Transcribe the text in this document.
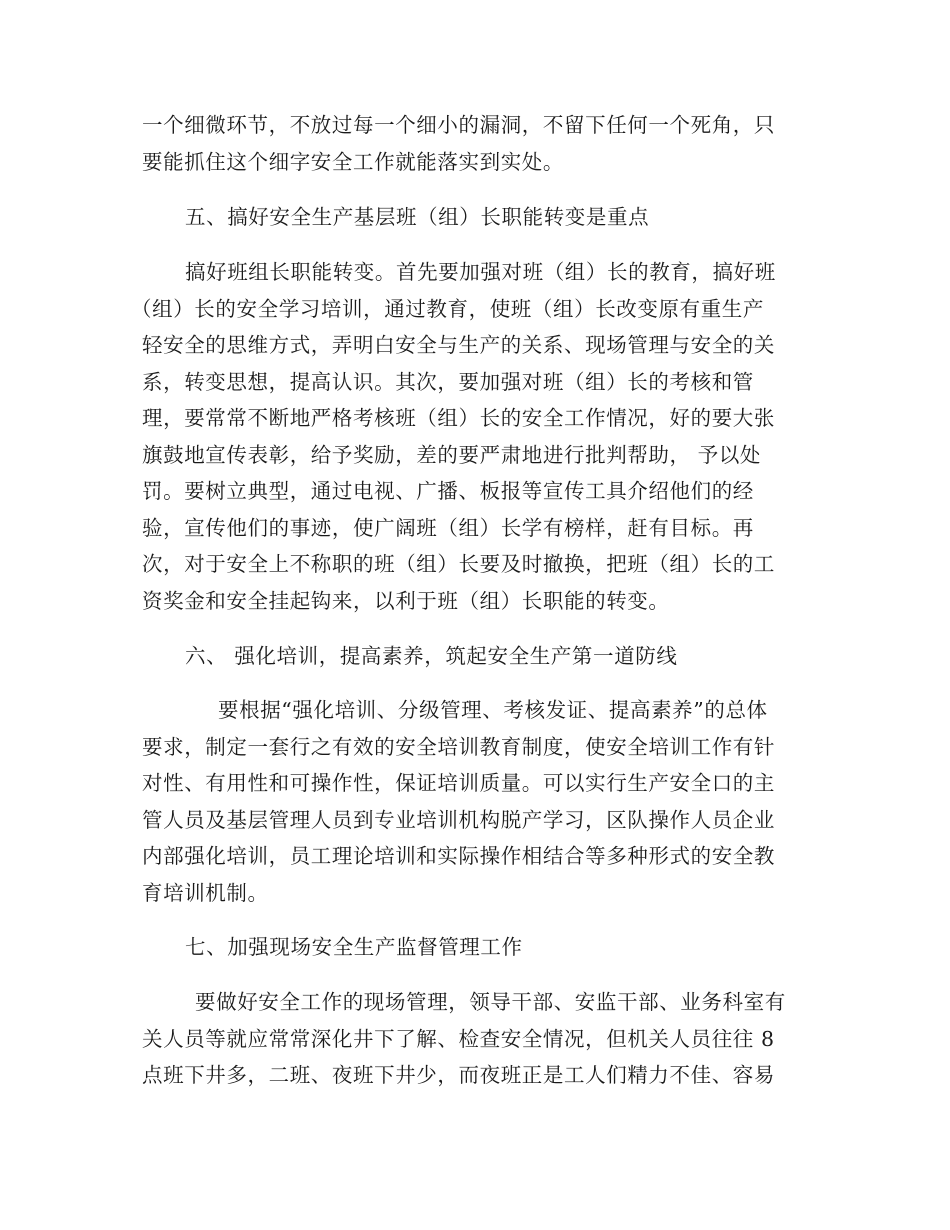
一个细微环节，不放过每一个细小的漏洞，不留下任何一个死角，只
要能抓住这个细字安全工作就能落实到实处。
五、搞好安全生产基层班（组）长职能转变是重点
搞好班组长职能转变。首先要加强对班（组）长的教育，搞好班
（组）长的安全学习培训，通过教育，使班（组）长改变原有重生产
轻安全的思维方式，弄明白安全与生产的关系、现场管理与安全的关
系，转变思想，提高认识。其次，要加强对班（组）长的考核和管
理，要常常不断地严格考核班（组）长的安全工作情况，好的要大张
旗鼓地宣传表彰，给予奖励，差的要严肃地进行批判帮助， 予以处
罚。要树立典型，通过电视、广播、板报等宣传工具介绍他们的经
验，宣传他们的事迹，使广阔班（组）长学有榜样，赶有目标。再
次，对于安全上不称职的班（组）长要及时撤换，把班（组）长的工
资奖金和安全挂起钩来，以利于班（组）长职能的转变。
六、 强化培训，提高素养，筑起安全生产第一道防线
要根据“强化培训、分级管理、考核发证、提高素养”的总体
要求，制定一套行之有效的安全培训教育制度，使安全培训工作有针
对性、有用性和可操作性，保证培训质量。可以实行生产安全口的主
管人员及基层管理人员到专业培训机构脱产学习，区队操作人员企业
内部强化培训，员工理论培训和实际操作相结合等多种形式的安全教
育培训机制。
七、加强现场安全生产监督管理工作
要做好安全工作的现场管理，领导干部、安监干部、业务科室有
关人员等就应常常深化井下了解、检查安全情况，但机关人员往往 8
点班下井多，二班、夜班下井少，而夜班正是工人们精力不佳、容易
